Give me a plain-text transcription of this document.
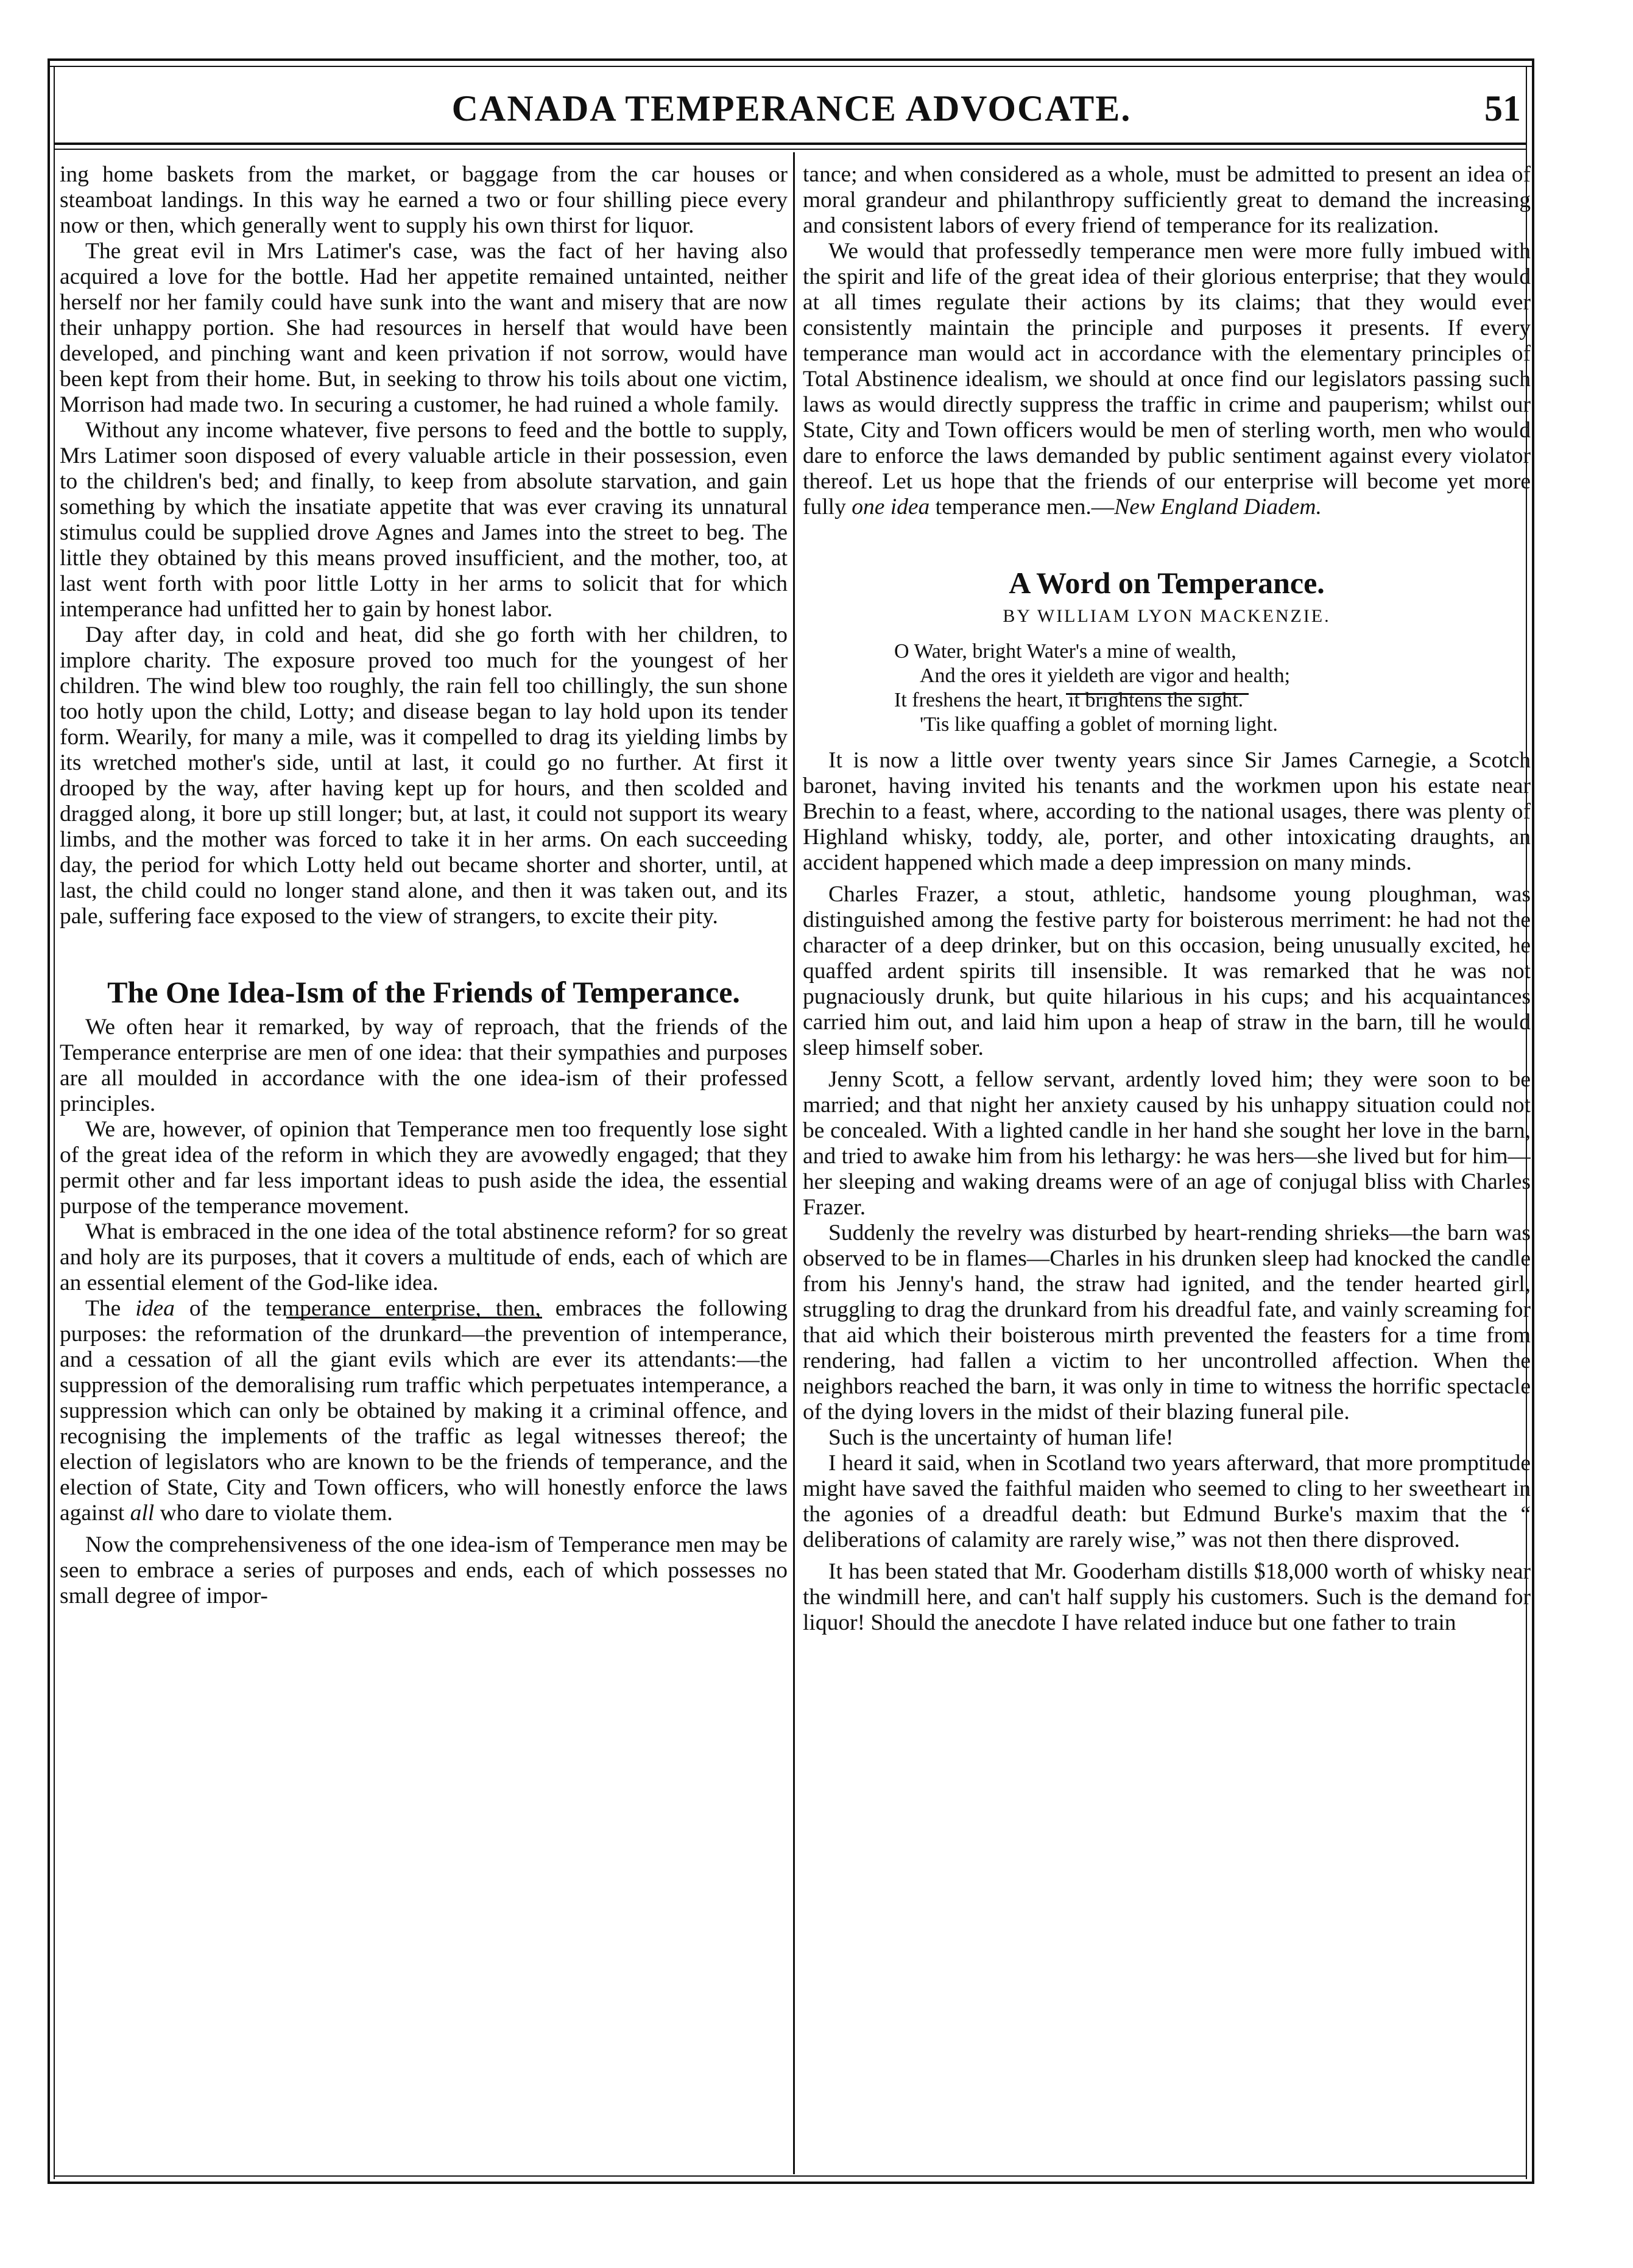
CANADA TEMPERANCE ADVOCATE.	51

ing home baskets from the market, or baggage from the car houses or steamboat landings. In this way he earned a two or four shilling piece every now or then, which generally went to supply his own thirst for liquor.

The great evil in Mrs Latimer's case, was the fact of her having also acquired a love for the bottle. Had her appetite remained untainted, neither herself nor her family could have sunk into the want and misery that are now their unhappy portion. She had resources in herself that would have been developed, and pinching want and keen privation if not sorrow, would have been kept from their home. But, in seeking to throw his toils about one victim, Morrison had made two. In securing a customer, he had ruined a whole family.

Without any income whatever, five persons to feed and the bottle to supply, Mrs Latimer soon disposed of every valuable article in their possession, even to the children's bed; and finally, to keep from absolute starvation, and gain something by which the insatiate appetite that was ever craving its unnatural stimulus could be supplied drove Agnes and James into the street to beg. The little they obtained by this means proved insufficient, and the mother, too, at last went forth with poor little Lotty in her arms to solicit that for which intemperance had unfitted her to gain by honest labor.

Day after day, in cold and heat, did she go forth with her children, to implore charity. The exposure proved too much for the youngest of her children. The wind blew too roughly, the rain fell too chillingly, the sun shone too hotly upon the child, Lotty; and disease began to lay hold upon its tender form. Wearily, for many a mile, was it compelled to drag its yielding limbs by its wretched mother's side, until at last, it could go no further. At first it drooped by the way, after having kept up for hours, and then scolded and dragged along, it bore up still longer; but, at last, it could not support its weary limbs, and the mother was forced to take it in her arms. On each succeeding day, the period for which Lotty held out became shorter and shorter, until, at last, the child could no longer stand alone, and then it was taken out, and its pale, suffering face exposed to the view of strangers, to excite their pity.

The One Idea-Ism of the Friends of Temperance.

We often hear it remarked, by way of reproach, that the friends of the Temperance enterprise are men of one idea: that their sympathies and purposes are all moulded in accordance with the one idea-ism of their professed principles.

We are, however, of opinion that Temperance men too frequently lose sight of the great idea of the reform in which they are avowedly engaged; that they permit other and far less important ideas to push aside the idea, the essential purpose of the temperance movement.

What is embraced in the one idea of the total abstinence reform? for so great and holy are its purposes, that it covers a multitude of ends, each of which are an essential element of the God-like idea.

The idea of the temperance enterprise, then, embraces the following purposes: the reformation of the drunkard—the prevention of intemperance, and a cessation of all the giant evils which are ever its attendants:—the suppression of the demoralising rum traffic which perpetuates intemperance, a suppression which can only be obtained by making it a criminal offence, and recognising the implements of the traffic as legal witnesses thereof; the election of legislators who are known to be the friends of temperance, and the election of State, City and Town officers, who will honestly enforce the laws against all who dare to violate them.

Now the comprehensiveness of the one idea-ism of Temperance men may be seen to embrace a series of purposes and ends, each of which possesses no small degree of impor-

tance; and when considered as a whole, must be admitted to present an idea of moral grandeur and philanthropy sufficiently great to demand the increasing and consistent labors of every friend of temperance for its realization.

We would that professedly temperance men were more fully imbued with the spirit and life of the great idea of their glorious enterprise; that they would at all times regulate their actions by its claims; that they would ever consistently maintain the principle and purposes it presents. If every temperance man would act in accordance with the elementary principles of Total Abstinence idealism, we should at once find our legislators passing such laws as would directly suppress the traffic in crime and pauperism; whilst our State, City and Town officers would be men of sterling worth, men who would dare to enforce the laws demanded by public sentiment against every violator thereof. Let us hope that the friends of our enterprise will become yet more fully one idea temperance men.—New England Diadem.

A Word on Temperance.
BY WILLIAM LYON MACKENZIE.
O Water, bright Water's a mine of wealth,
And the ores it yieldeth are vigor and health;
It freshens the heart, it brightens the sight.
'Tis like quaffing a goblet of morning light.

It is now a little over twenty years since Sir James Carnegie, a Scotch baronet, having invited his tenants and the workmen upon his estate near Brechin to a feast, where, according to the national usages, there was plenty of Highland whisky, toddy, ale, porter, and other intoxicating draughts, an accident happened which made a deep impression on many minds.

Charles Frazer, a stout, athletic, handsome young ploughman, was distinguished among the festive party for boisterous merriment: he had not the character of a deep drinker, but on this occasion, being unusually excited, he quaffed ardent spirits till insensible. It was remarked that he was not pugnaciously drunk, but quite hilarious in his cups; and his acquaintances carried him out, and laid him upon a heap of straw in the barn, till he would sleep himself sober.

Jenny Scott, a fellow servant, ardently loved him; they were soon to be married; and that night her anxiety caused by his unhappy situation could not be concealed. With a lighted candle in her hand she sought her love in the barn, and tried to awake him from his lethargy: he was hers—she lived but for him—her sleeping and waking dreams were of an age of conjugal bliss with Charles Frazer.

Suddenly the revelry was disturbed by heart-rending shrieks—the barn was observed to be in flames—Charles in his drunken sleep had knocked the candle from his Jenny's hand, the straw had ignited, and the tender hearted girl, struggling to drag the drunkard from his dreadful fate, and vainly screaming for that aid which their boisterous mirth prevented the feasters for a time from rendering, had fallen a victim to her uncontrolled affection. When the neighbors reached the barn, it was only in time to witness the horrific spectacle of the dying lovers in the midst of their blazing funeral pile.

Such is the uncertainty of human life!

I heard it said, when in Scotland two years afterward, that more promptitude might have saved the faithful maiden who seemed to cling to her sweetheart in the agonies of a dreadful death: but Edmund Burke's maxim that the “ deliberations of calamity are rarely wise,” was not then there disproved.

It has been stated that Mr. Gooderham distills $18,000 worth of whisky near the windmill here, and can't half supply his customers. Such is the demand for liquor! Should the anecdote I have related induce but one father to train
